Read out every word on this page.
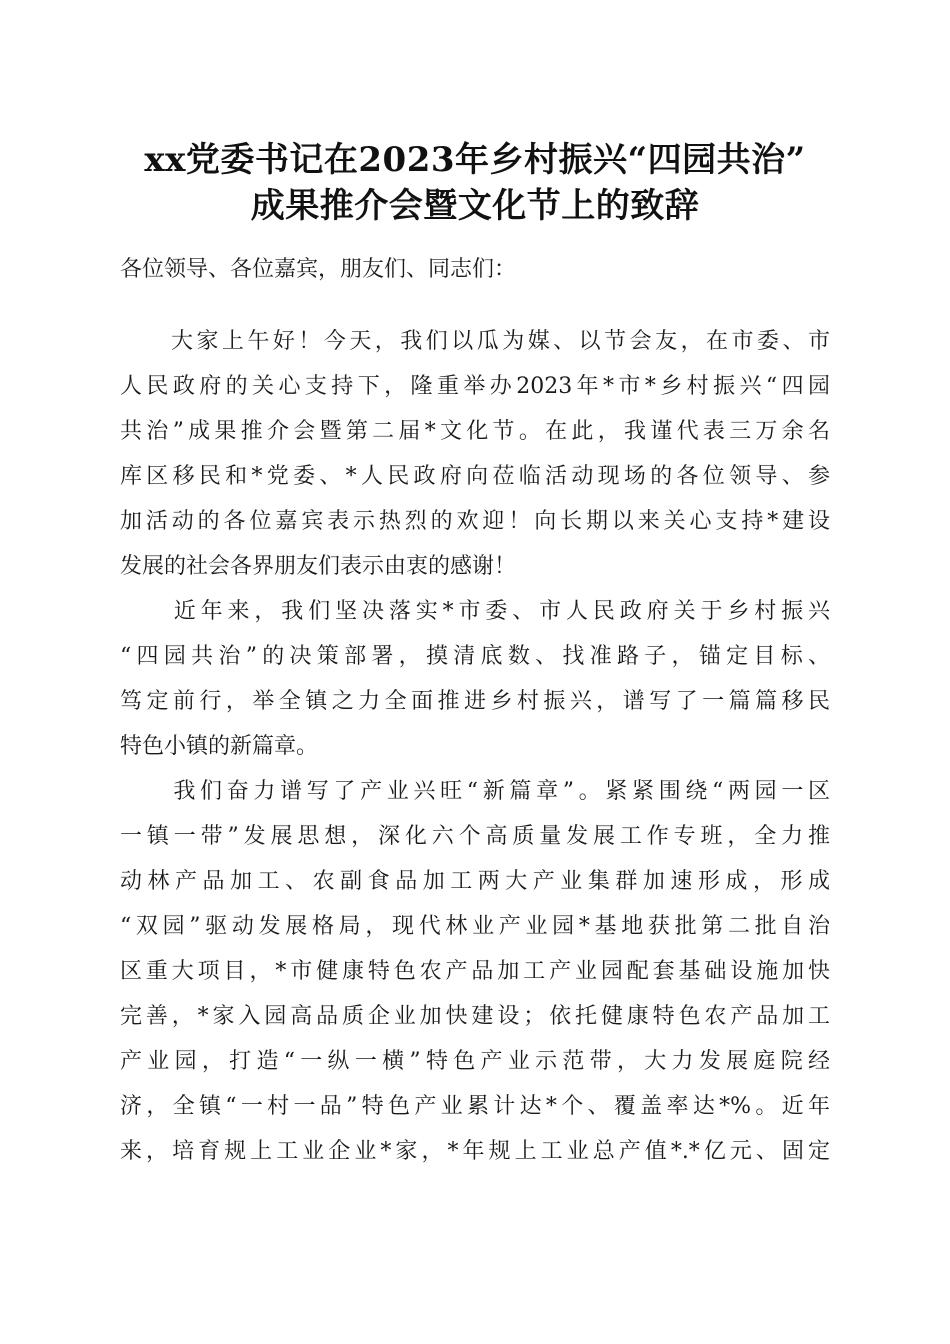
xx党委书记在2023年乡村振兴“四园共治”
成果推介会暨文化节上的致辞
各位领导、各位嘉宾，朋友们、同志们：
　　大家上午好！今天，我们以瓜为媒、以节会友，在市委、市
人民政府的关心支持下，隆重举办2023年*市*乡村振兴“四园
共治”成果推介会暨第二届*文化节。在此，我谨代表三万余名
库区移民和*党委、*人民政府向莅临活动现场的各位领导、参
加活动的各位嘉宾表示热烈的欢迎！向长期以来关心支持*建设
发展的社会各界朋友们表示由衷的感谢！
　　近年来，我们坚决落实*市委、市人民政府关于乡村振兴
“四园共治”的决策部署，摸清底数、找准路子，锚定目标、
笃定前行，举全镇之力全面推进乡村振兴，谱写了一篇篇移民
特色小镇的新篇章。
　　我们奋力谱写了产业兴旺“新篇章”。紧紧围绕“两园一区
一镇一带”发展思想，深化六个高质量发展工作专班，全力推
动林产品加工、农副食品加工两大产业集群加速形成，形成
“双园”驱动发展格局，现代林业产业园*基地获批第二批自治
区重大项目，*市健康特色农产品加工产业园配套基础设施加快
完善，*家入园高品质企业加快建设；依托健康特色农产品加工
产业园，打造“一纵一横”特色产业示范带，大力发展庭院经
济，全镇“一村一品”特色产业累计达*个、覆盖率达*%。近年
来，培育规上工业企业*家，*年规上工业总产值*.*亿元、固定
